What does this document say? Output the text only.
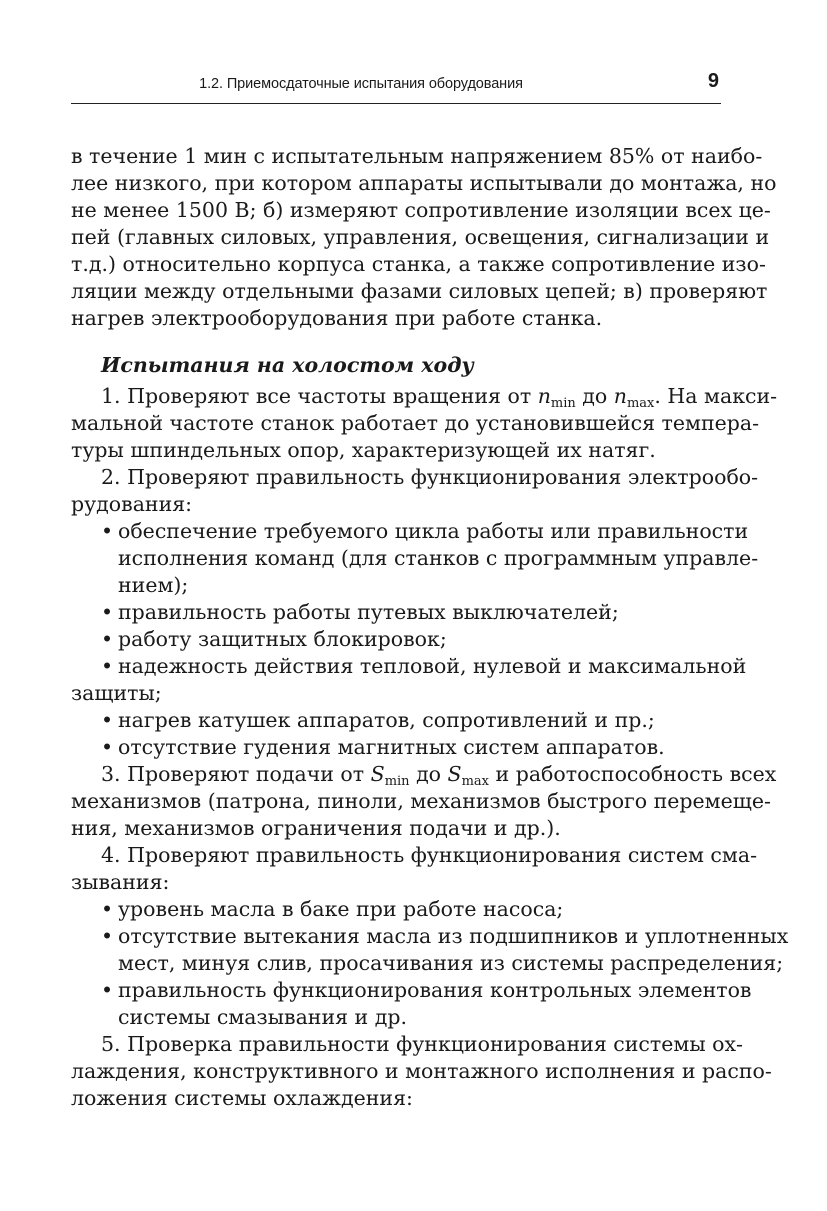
1.2. Приемосдаточные испытания оборудования	9

в течение 1 мин с испытательным напряжением 85% от наибо-
лее низкого, при котором аппараты испытывали до монтажа, но
не менее 1500 В; б) измеряют сопротивление изоляции всех це-
пей (главных силовых, управления, освещения, сигнализации и
т.д.) относительно корпуса станка, а также сопротивление изо-
ляции между отдельными фазами силовых цепей; в) проверяют
нагрев электрооборудования при работе станка.

Испытания на холостом ходу

1. Проверяют все частоты вращения от $n_{min}$ до $n_{max}$. На макси-
мальной частоте станок работает до установившейся темпера-
туры шпиндельных опор, характеризующей их натяг.

2. Проверяют правильность функционирования электрообо-
рудования:

• обеспечение требуемого цикла работы или правильности
исполнения команд (для станков с программным управле-
нием);
• правильность работы путевых выключателей;
• работу защитных блокировок;
• надежность действия тепловой, нулевой и максимальной
защиты;
• нагрев катушек аппаратов, сопротивлений и пр.;
• отсутствие гудения магнитных систем аппаратов.

3. Проверяют подачи от $S_{min}$ до $S_{max}$ и работоспособность всех
механизмов (патрона, пиноли, механизмов быстрого перемеще-
ния, механизмов ограничения подачи и др.).

4. Проверяют правильность функционирования систем сма-
зывания:

• уровень масла в баке при работе насоса;
• отсутствие вытекания масла из подшипников и уплотненных
мест, минуя слив, просачивания из системы распределения;
• правильность функционирования контрольных элементов
системы смазывания и др.

5. Проверка правильности функционирования системы ох-
лаждения, конструктивного и монтажного исполнения и распо-
ложения системы охлаждения:
